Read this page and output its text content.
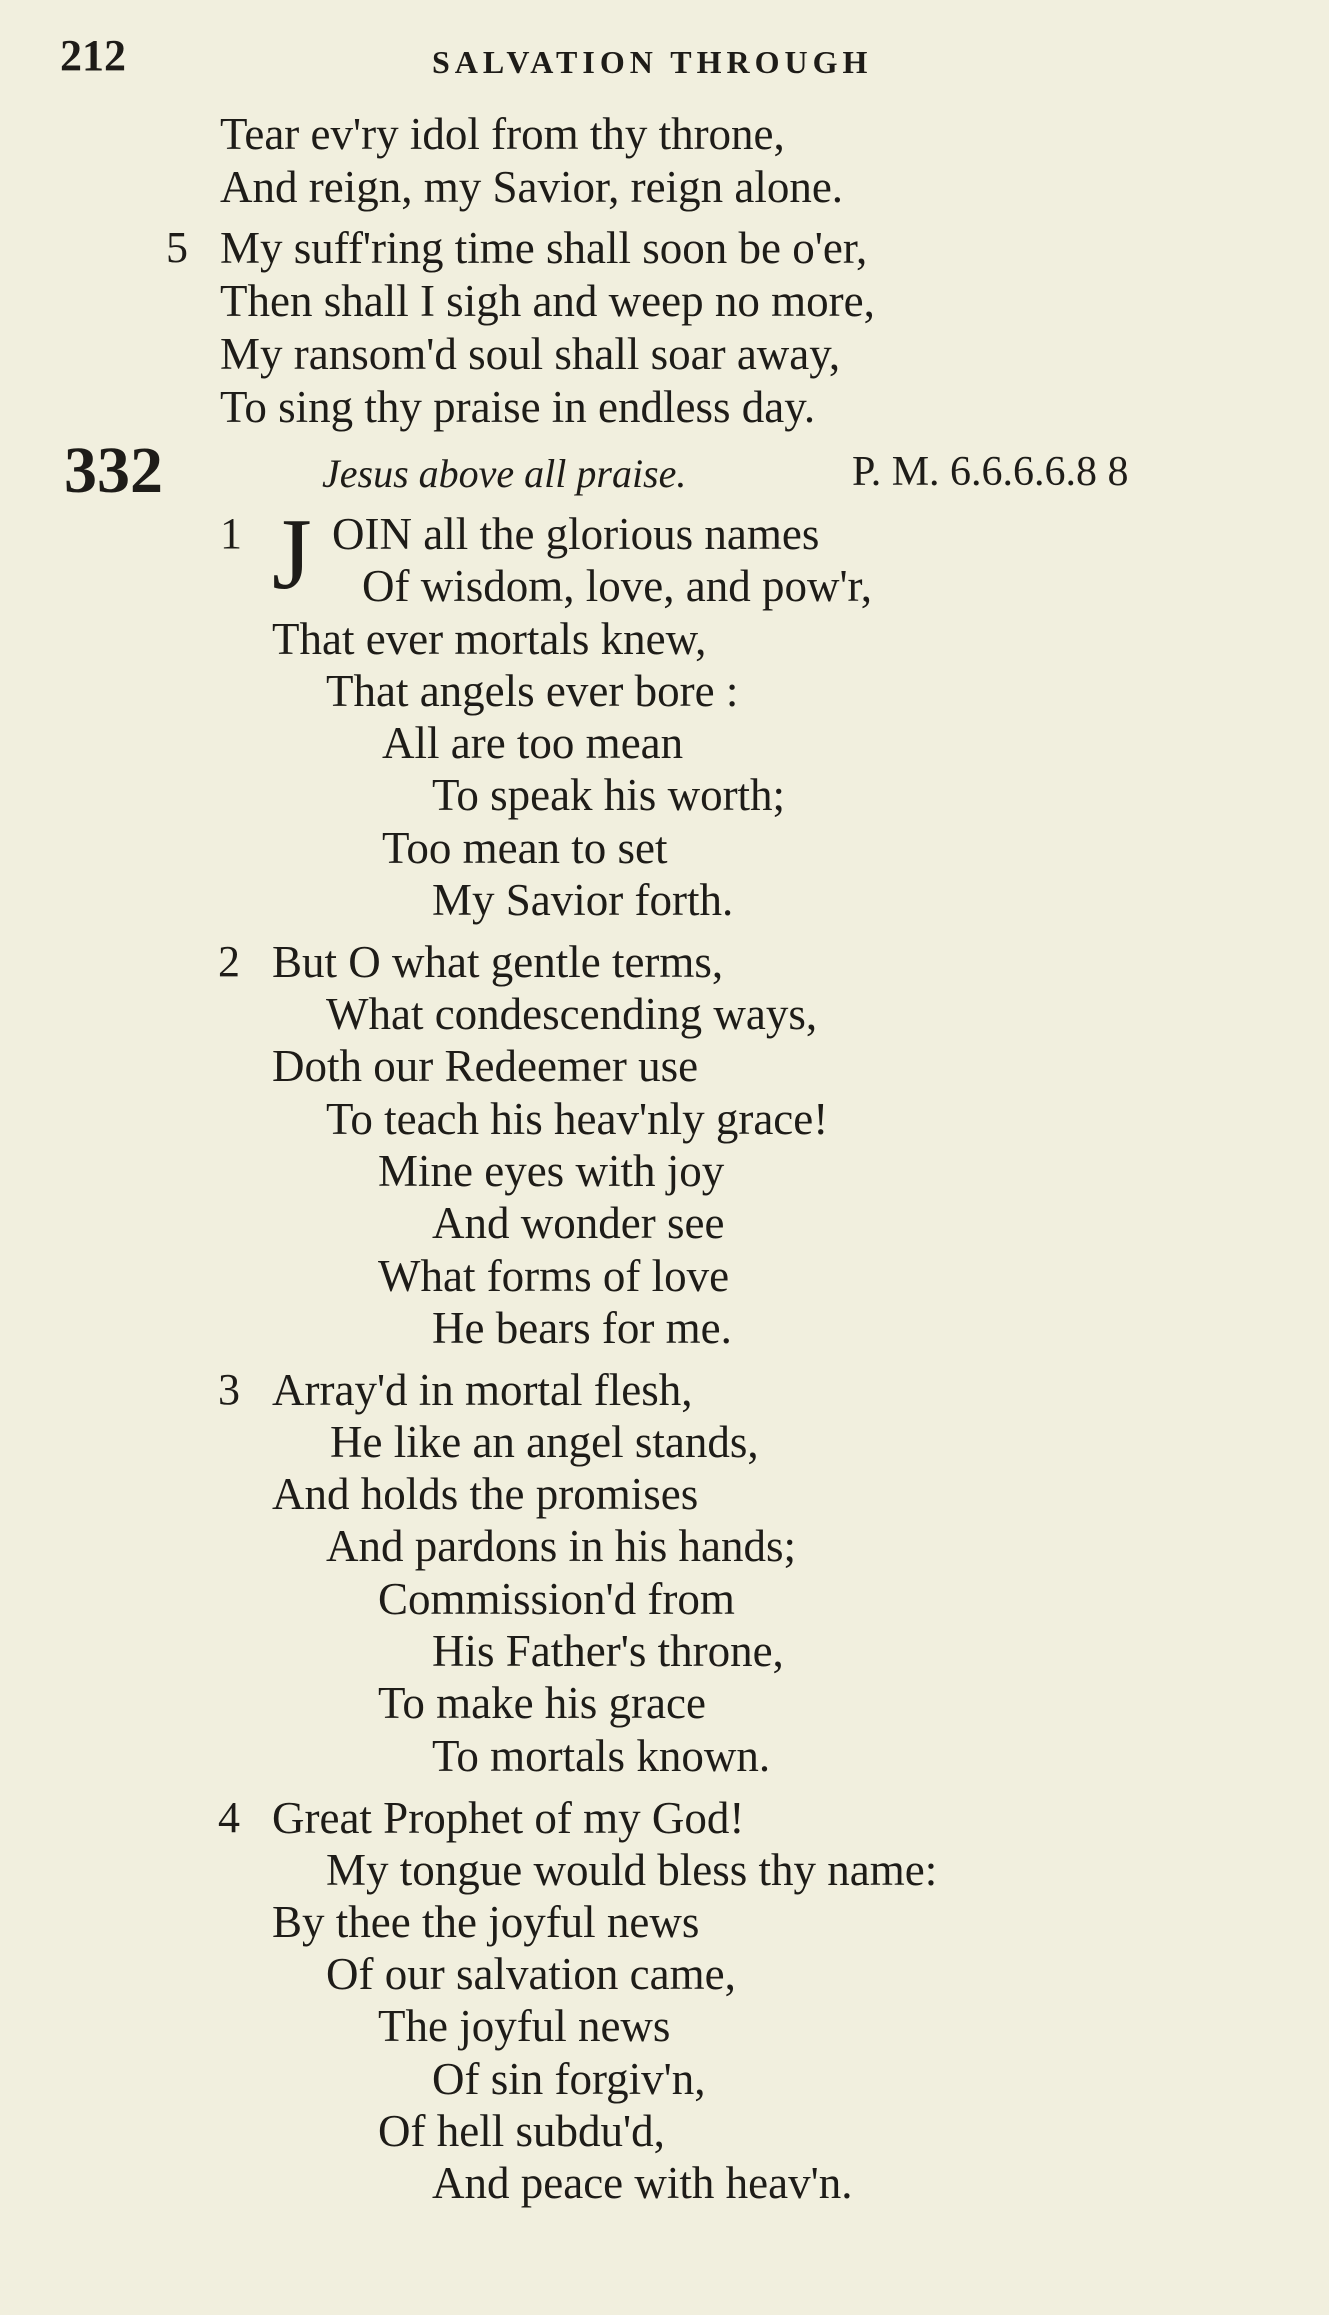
212	SALVATION THROUGH
Tear ev'ry idol from thy throne,
And reign, my Savior, reign alone.
5 My suff'ring time shall soon be o'er,
Then shall I sigh and weep no more,
My ransom'd soul shall soar away,
To sing thy praise in endless day.
332	Jesus above all praise.	P. M. 6.6.6.6.8 8
1 J OIN all the glorious names
Of wisdom, love, and pow'r,
That ever mortals knew,
That angels ever bore :
All are too mean
To speak his worth;
Too mean to set
My Savior forth.
2 But O what gentle terms,
What condescending ways,
Doth our Redeemer use
To teach his heav'nly grace!
Mine eyes with joy
And wonder see
What forms of love
He bears for me.
3 Array'd in mortal flesh,
He like an angel stands,
And holds the promises
And pardons in his hands;
Commission'd from
His Father's throne,
To make his grace
To mortals known.
4 Great Prophet of my God!
My tongue would bless thy name:
By thee the joyful news
Of our salvation came,
The joyful news
Of sin forgiv'n,
Of hell subdu'd,
And peace with heav'n.
